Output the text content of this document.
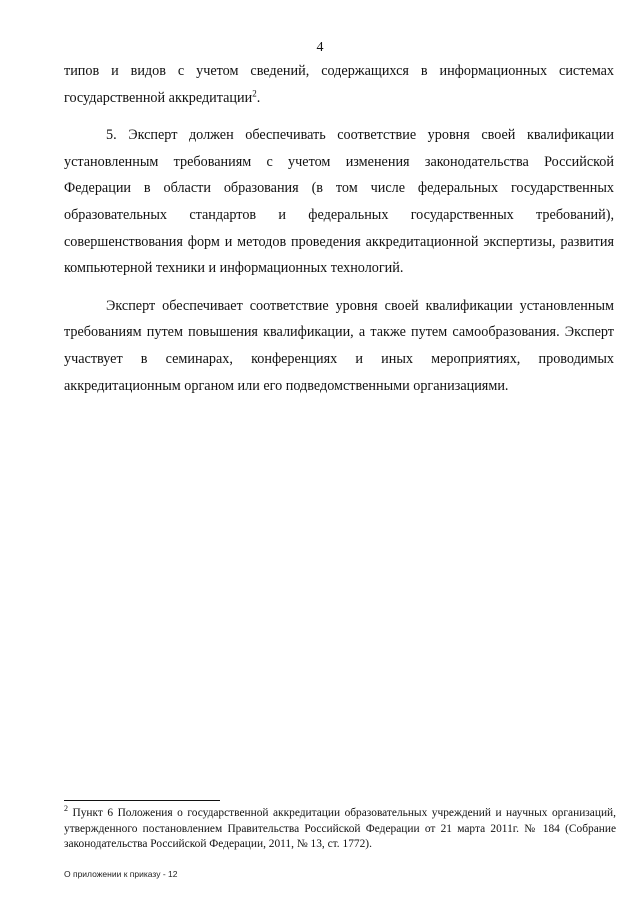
4

типов и видов с учетом сведений, содержащихся в информационных системах государственной аккредитации$^2$.

5. Эксперт должен обеспечивать соответствие уровня своей квалификации установленным требованиям с учетом изменения законодательства Российской Федерации в области образования (в том числе федеральных государственных образовательных стандартов и федеральных государственных требований), совершенствования форм и методов проведения аккредитационной экспертизы, развития компьютерной техники и информационных технологий.

Эксперт обеспечивает соответствие уровня своей квалификации установленным требованиям путем повышения квалификации, а также путем самообразования. Эксперт участвует в семинарах, конференциях и иных мероприятиях, проводимых аккредитационным органом или его подведомственными организациями.

$^2$ Пункт 6 Положения о государственной аккредитации образовательных учреждений и научных организаций, утвержденного постановлением Правительства Российской Федерации от 21 марта 2011г. № 184 (Собрание законодательства Российской Федерации, 2011, № 13, ст. 1772).
О приложении к приказу - 12
